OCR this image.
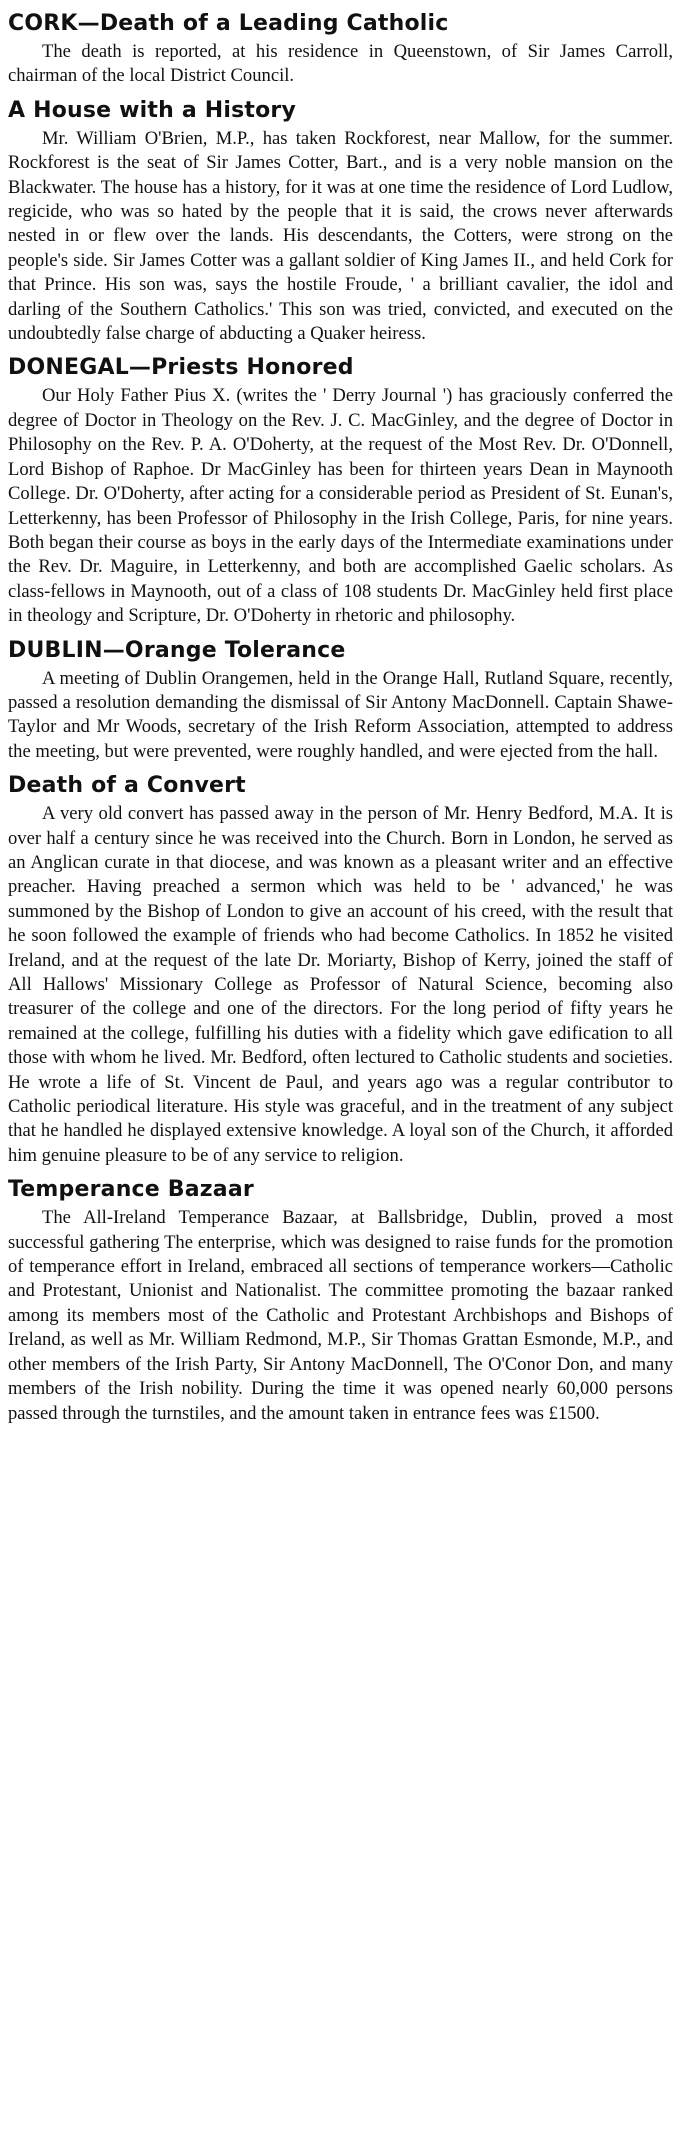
CORK—Death of a Leading Catholic

The death is reported, at his residence in Queenstown, of Sir James Carroll, chairman of the local District Council.

A House with a History

Mr. William O'Brien, M.P., has taken Rockforest, near Mallow, for the summer. Rockforest is the seat of Sir James Cotter, Bart., and is a very noble mansion on the Blackwater. The house has a history, for it was at one time the residence of Lord Ludlow, regicide, who was so hated by the people that it is said, the crows never afterwards nested in or flew over the lands. His descendants, the Cotters, were strong on the people's side. Sir James Cotter was a gallant soldier of King James II., and held Cork for that Prince. His son was, says the hostile Froude, ' a brilliant cavalier, the idol and darling of the Southern Catholics.' This son was tried, convicted, and executed on the undoubtedly false charge of abducting a Quaker heiress.

DONEGAL—Priests Honored

Our Holy Father Pius X. (writes the ' Derry Journal ') has graciously conferred the degree of Doctor in Theology on the Rev. J. C. MacGinley, and the degree of Doctor in Philosophy on the Rev. P. A. O'Doherty, at the request of the Most Rev. Dr. O'Donnell, Lord Bishop of Raphoe. Dr MacGinley has been for thirteen years Dean in Maynooth College. Dr. O'Doherty, after acting for a considerable period as President of St. Eunan's, Letterkenny, has been Professor of Philosophy in the Irish College, Paris, for nine years. Both began their course as boys in the early days of the Intermediate examinations under the Rev. Dr. Maguire, in Letterkenny, and both are accomplished Gaelic scholars. As class-fellows in Maynooth, out of a class of 108 students Dr. MacGinley held first place in theology and Scripture, Dr. O'Doherty in rhetoric and philosophy.

DUBLIN—Orange Tolerance

A meeting of Dublin Orangemen, held in the Orange Hall, Rutland Square, recently, passed a resolution demanding the dismissal of Sir Antony MacDonnell. Captain Shawe-Taylor and Mr Woods, secretary of the Irish Reform Association, attempted to address the meeting, but were prevented, were roughly handled, and were ejected from the hall.

Death of a Convert

A very old convert has passed away in the person of Mr. Henry Bedford, M.A. It is over half a century since he was received into the Church. Born in London, he served as an Anglican curate in that diocese, and was known as a pleasant writer and an effective preacher. Having preached a sermon which was held to be ' advanced,' he was summoned by the Bishop of London to give an account of his creed, with the result that he soon followed the example of friends who had become Catholics. In 1852 he visited Ireland, and at the request of the late Dr. Moriarty, Bishop of Kerry, joined the staff of All Hallows' Missionary College as Professor of Natural Science, becoming also treasurer of the college and one of the directors. For the long period of fifty years he remained at the college, fulfilling his duties with a fidelity which gave edification to all those with whom he lived. Mr. Bedford, often lectured to Catholic students and societies. He wrote a life of St. Vincent de Paul, and years ago was a regular contributor to Catholic periodical literature. His style was graceful, and in the treatment of any subject that he handled he displayed extensive knowledge. A loyal son of the Church, it afforded him genuine pleasure to be of any service to religion.

Temperance Bazaar

The All-Ireland Temperance Bazaar, at Ballsbridge, Dublin, proved a most successful gathering The enterprise, which was designed to raise funds for the promotion of temperance effort in Ireland, embraced all sections of temperance workers—Catholic and Protestant, Unionist and Nationalist. The committee promoting the bazaar ranked among its members most of the Catholic and Protestant Archbishops and Bishops of Ireland, as well as Mr. William Redmond, M.P., Sir Thomas Grattan Esmonde, M.P., and other members of the Irish Party, Sir Antony MacDonnell, The O'Conor Don, and many members of the Irish nobility. During the time it was opened nearly 60,000 persons passed through the turnstiles, and the amount taken in entrance fees was £1500.
